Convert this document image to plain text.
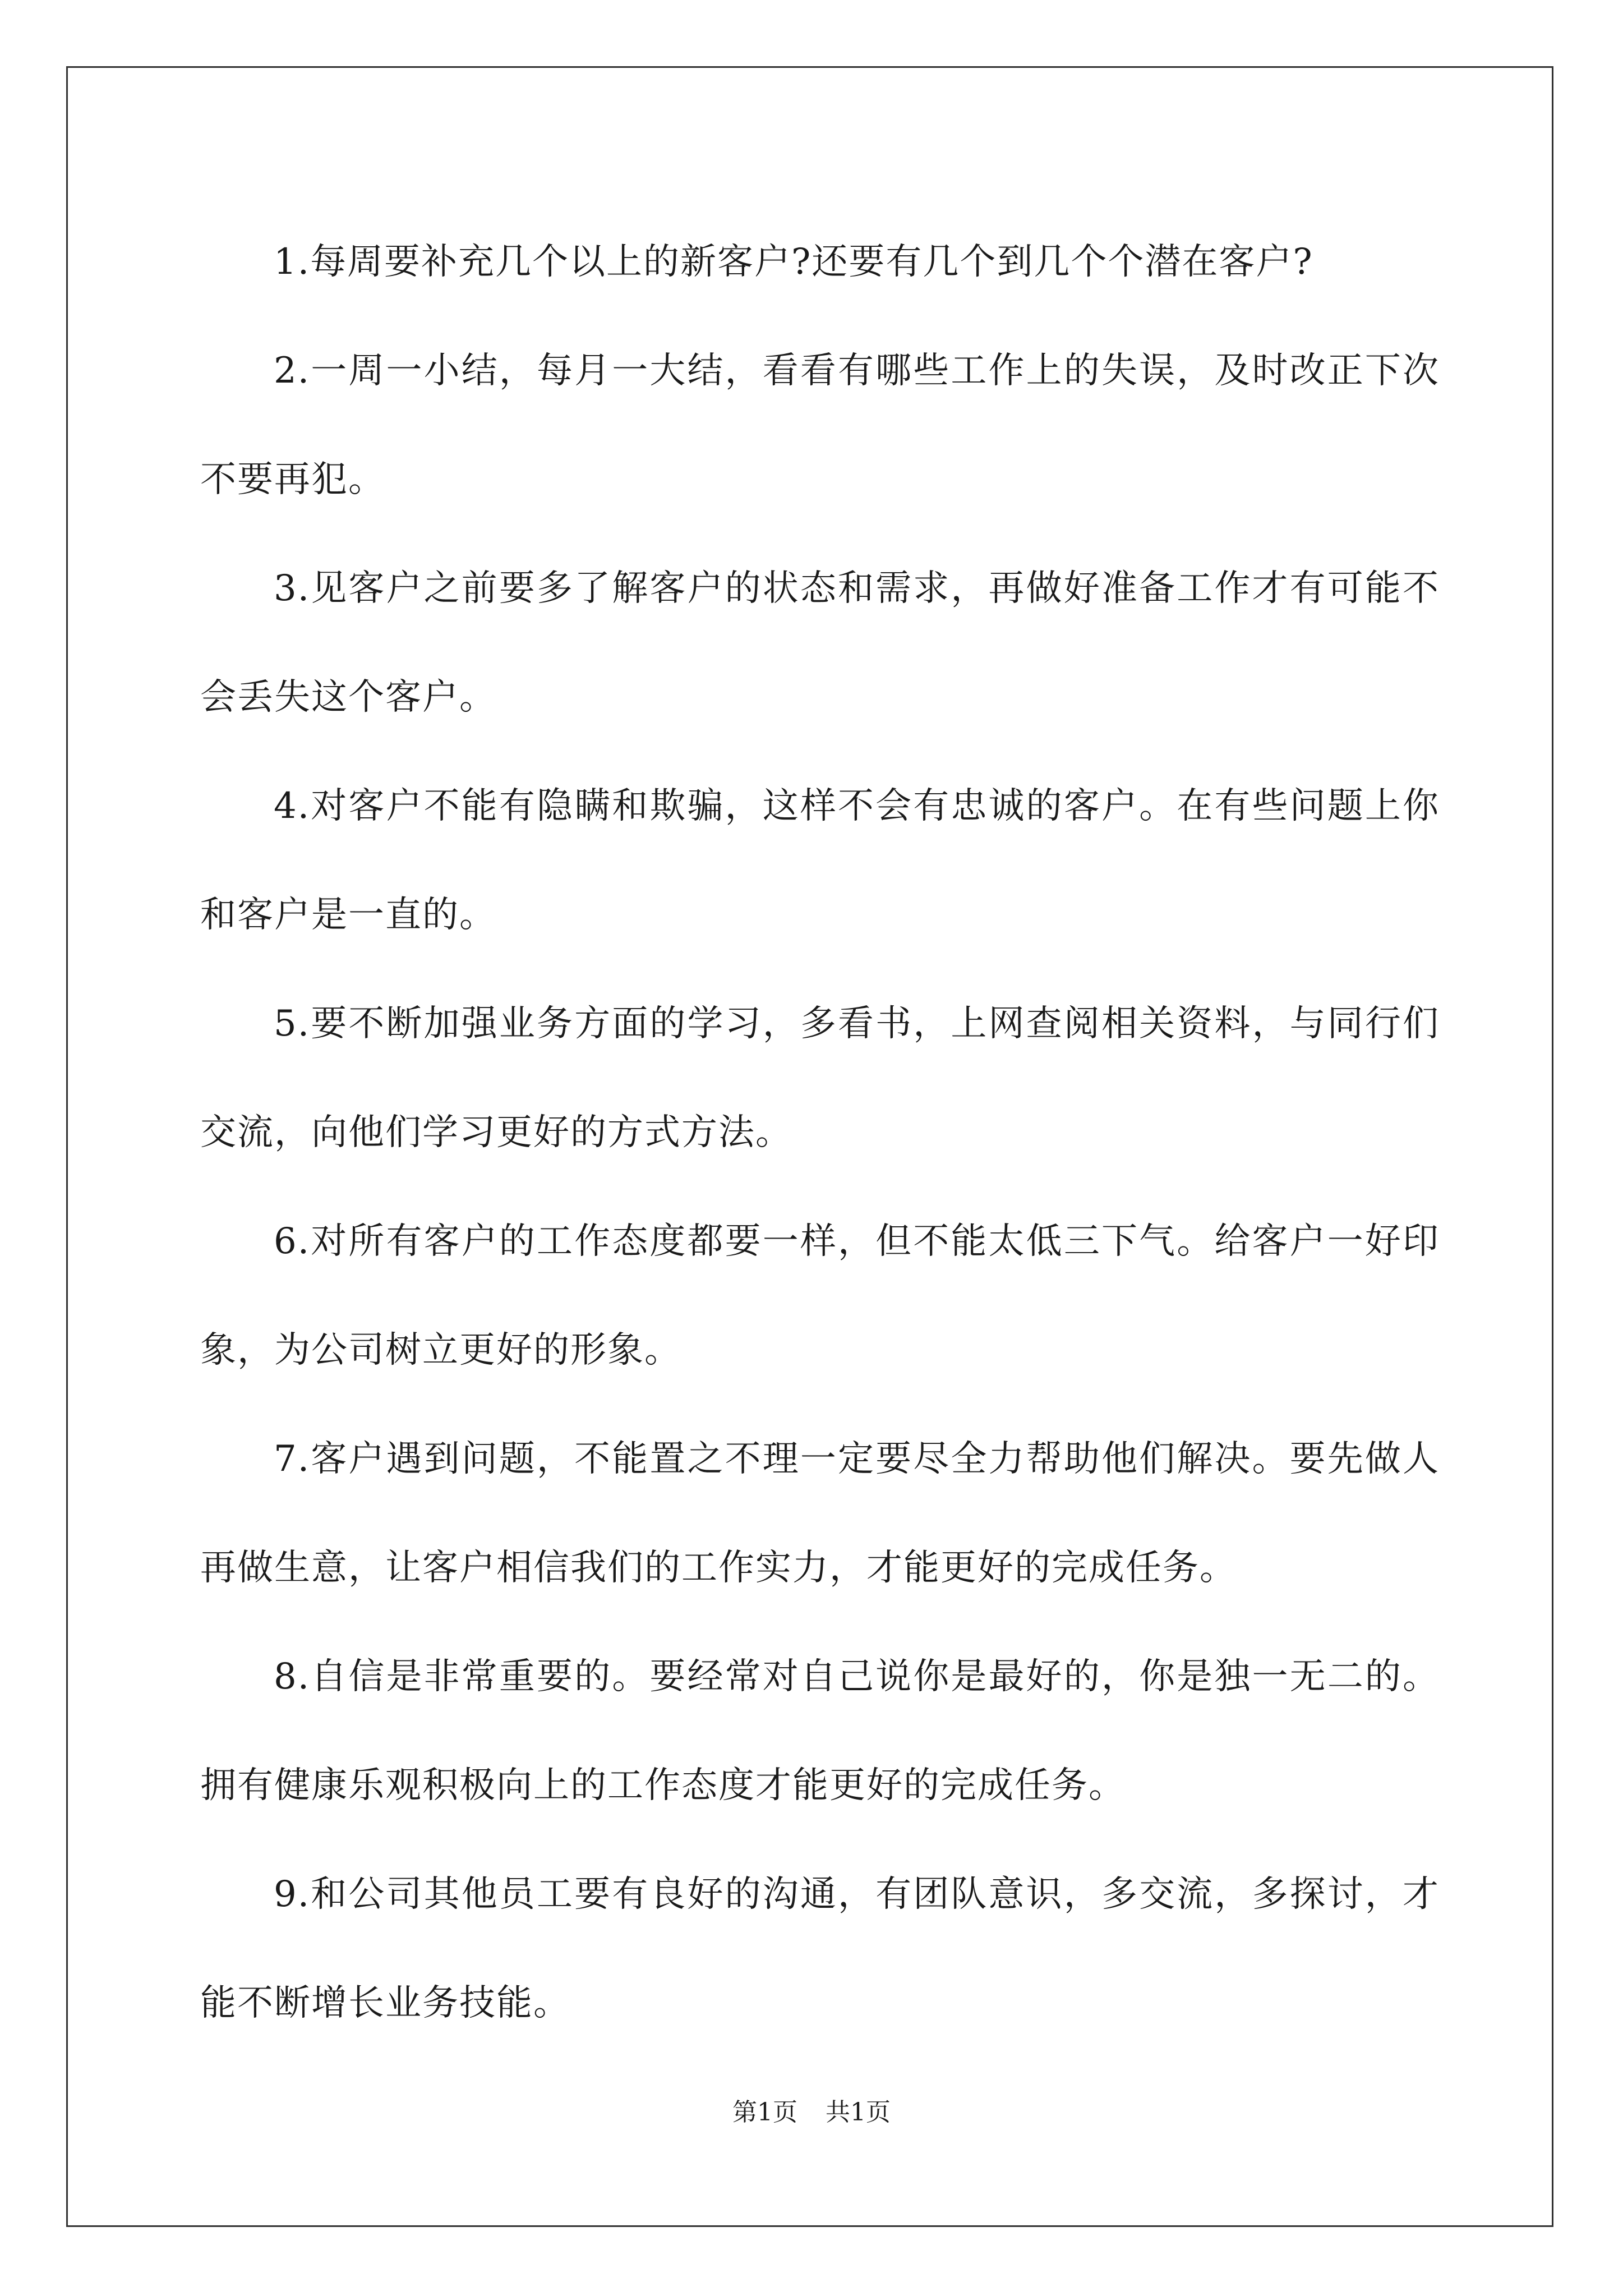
1.每周要补充几个以上的新客户?还要有几个到几个个潜在客户?

2.一周一小结，每月一大结，看看有哪些工作上的失误，及时改正下次不要再犯。

3.见客户之前要多了解客户的状态和需求，再做好准备工作才有可能不会丢失这个客户。

4.对客户不能有隐瞒和欺骗，这样不会有忠诚的客户。在有些问题上你和客户是一直的。

5.要不断加强业务方面的学习，多看书，上网查阅相关资料，与同行们交流，向他们学习更好的方式方法。

6.对所有客户的工作态度都要一样，但不能太低三下气。给客户一好印象，为公司树立更好的形象。

7.客户遇到问题，不能置之不理一定要尽全力帮助他们解决。要先做人再做生意，让客户相信我们的工作实力，才能更好的完成任务。

8.自信是非常重要的。要经常对自己说你是最好的，你是独一无二的。拥有健康乐观积极向上的工作态度才能更好的完成任务。

9.和公司其他员工要有良好的沟通，有团队意识，多交流，多探讨，才能不断增长业务技能。

第1页 共1页
